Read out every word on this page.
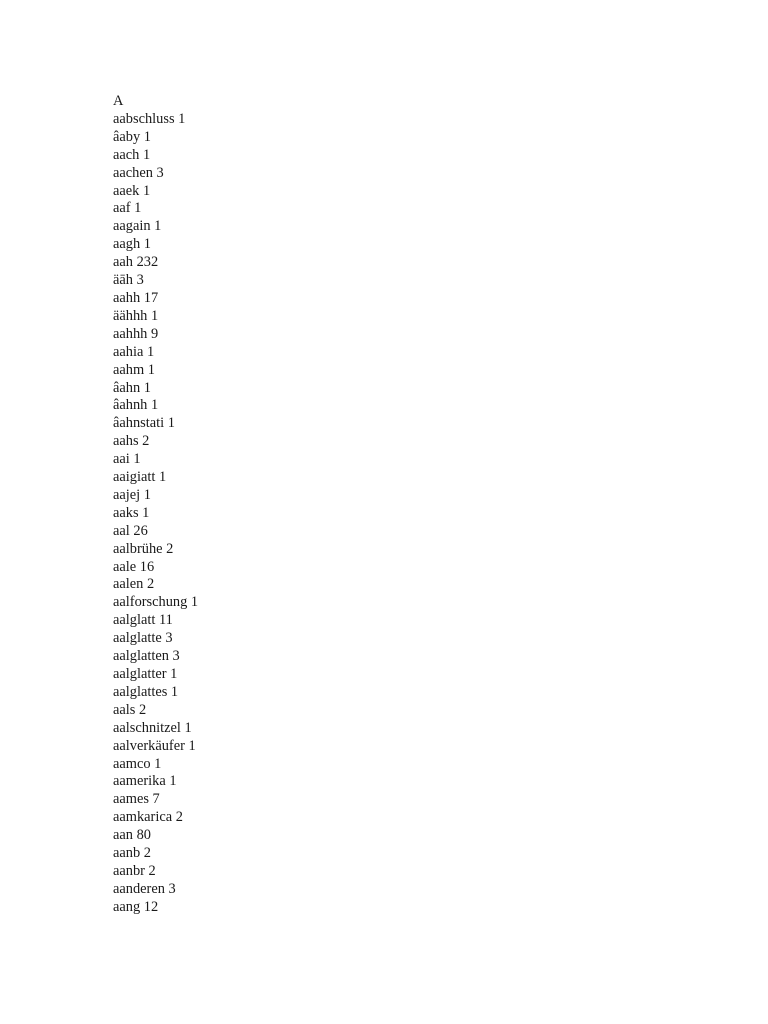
A
aabschluss 1
âaby 1
aach 1
aachen 3
aaek 1
aaf 1
aagain 1
aagh 1
aah 232
äāh 3
aahh 17
äähhh 1
aahhh 9
aahia 1
aahm 1
âahn 1
âahnh 1
âahnstati 1
aahs 2
aai 1
aaigiatt 1
aajej 1
aaks 1
aal 26
aalbrühe 2
aale 16
aalen 2
aalforschung 1
aalglatt 11
aalglatte 3
aalglatten 3
aalglatter 1
aalglattes 1
aals 2
aalschnitzel 1
aalverkäufer 1
aamco 1
aamerika 1
aames 7
aamkarica 2
aan 80
aanb 2
aanbr 2
aanderen 3
aang 12
